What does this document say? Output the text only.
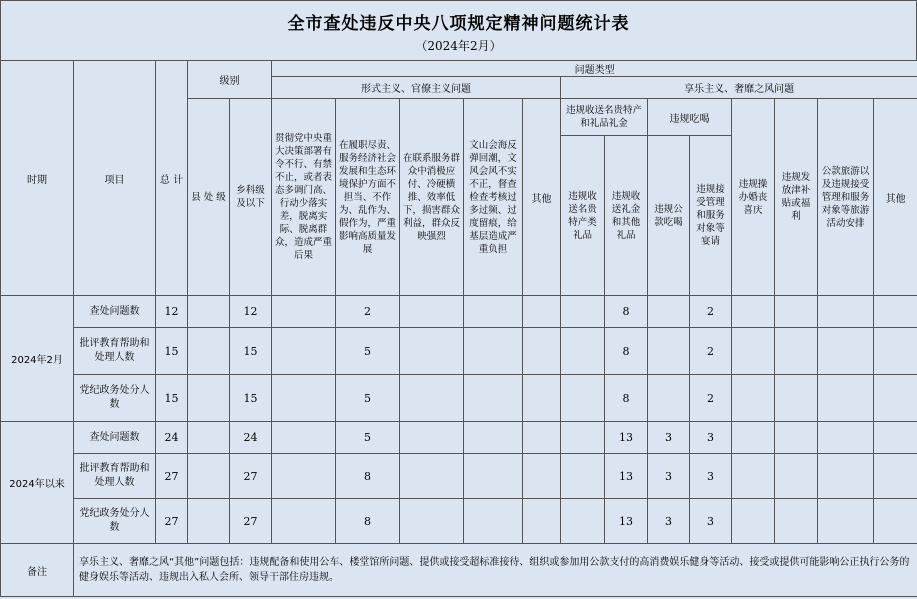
全市查处违反中央八项规定精神问题统计表
（2024年2月）
时期	项目	总 计	级别		问题类型												
					形式主义、官僚主义问题					享乐主义、奢靡之风问题							
			县 处 级	乡科级及以下	贯彻党中央重大决策部署有令不行、有禁不止，或者表态多调门高、行动少落实差，脱离实际、脱离群众，造成严重后果	在履职尽责、服务经济社会发展和生态环境保护方面不担当、不作为、乱作为、假作为，严重影响高质量发展	在联系服务群众中消极应付、冷硬横推、效率低下，损害群众利益，群众反映强烈	文山会海反弹回潮，文风会风不实不正，督查检查考核过多过频、过度留痕，给基层造成严重负担	其他	违规收送名贵特产和礼品礼金		违规吃喝		违规操办婚丧喜庆	违规发放津补贴或福利	公款旅游以及违规接受管理和服务对象等旅游活动安排	其他
										违规收送名贵特产类礼品	违规收送礼金和其他礼品	违规公款吃喝	违规接受管理和服务对象等宴请				
2024年2月	查处问题数	12		12		2					8		2				
	批评教育帮助和处理人数	15		15		5					8		2				
	党纪政务处分人数	15		15		5					8		2				
2024年以来	查处问题数	24		24		5					13	3	3				
	批评教育帮助和处理人数	27		27		8					13	3	3				
	党纪政务处分人数	27		27		8					13	3	3				
备注	享乐主义、奢靡之风“其他”问题包括：违规配备和使用公车、楼堂馆所问题、提供或接受超标准接待、组织或参加用公款支付的高消费娱乐健身等活动、接受或提供可能影响公正执行公务的健身娱乐等活动、违规出入私人会所、领导干部住房违规。																
